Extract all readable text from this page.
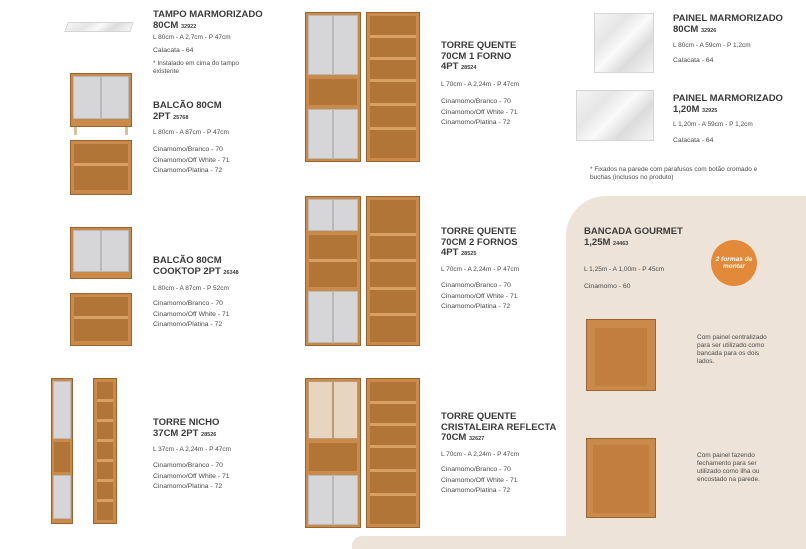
TAMPO MARMORIZADO
80CM 32922
L 80cm - A 2,7cm - P 47cm
Calacata - 64
* Instalado em cima do tampo existente
BALCÃO 80CM
2PT 25768
L 80cm - A 87cm - P 47cm
Cinamomo/Branco - 70
Cinamomo/Off White - 71
Cinamomo/Platina - 72
BALCÃO 80CM
COOKTOP 2PT 26348
L 80cm - A 87cm - P 52cm
Cinamomo/Branco - 70
Cinamomo/Off White - 71
Cinamomo/Platina - 72
TORRE NICHO
37CM 2PT 28526
L 37cm - A 2,24m - P 47cm
Cinamomo/Branco - 70
Cinamomo/Off White - 71
Cinamomo/Platina - 72
TORRE QUENTE
70CM 1 FORNO
4PT 28524
L 70cm - A 2,24m - P 47cm
Cinamomo/Branco - 70
Cinamomo/Off White - 71
Cinamomo/Platina - 72
TORRE QUENTE
70CM 2 FORNOS
4PT 28525
L 70cm - A 2,24m - P 47cm
Cinamomo/Branco - 70
Cinamomo/Off White - 71
Cinamomo/Platina - 72
TORRE QUENTE
CRISTALEIRA REFLECTA
70CM 32627
L 70cm - A 2,24m - P 47cm
Cinamomo/Branco - 70
Cinamomo/Off White - 71
Cinamomo/Platina - 72
PAINEL MARMORIZADO
80CM 32926
L 80cm - A 59cm - P 1,2cm
Calacata - 64
PAINEL MARMORIZADO
1,20M 32925
L 1,20m - A 59cm - P 1,2cm
Calacata - 64
* Fixados na parede com parafusos com botão cromado e buchas (inclusos no produto)
BANCADA GOURMET
1,25M 24463
L 1,25m - A 1,00m - P 45cm
Cinamomo - 60
2 formas de montar
Com painel centralizado para ser utilizado como bancada para os dois lados.
Com painel fazendo fechamento para ser utilizado como ilha ou encostado na parede.
